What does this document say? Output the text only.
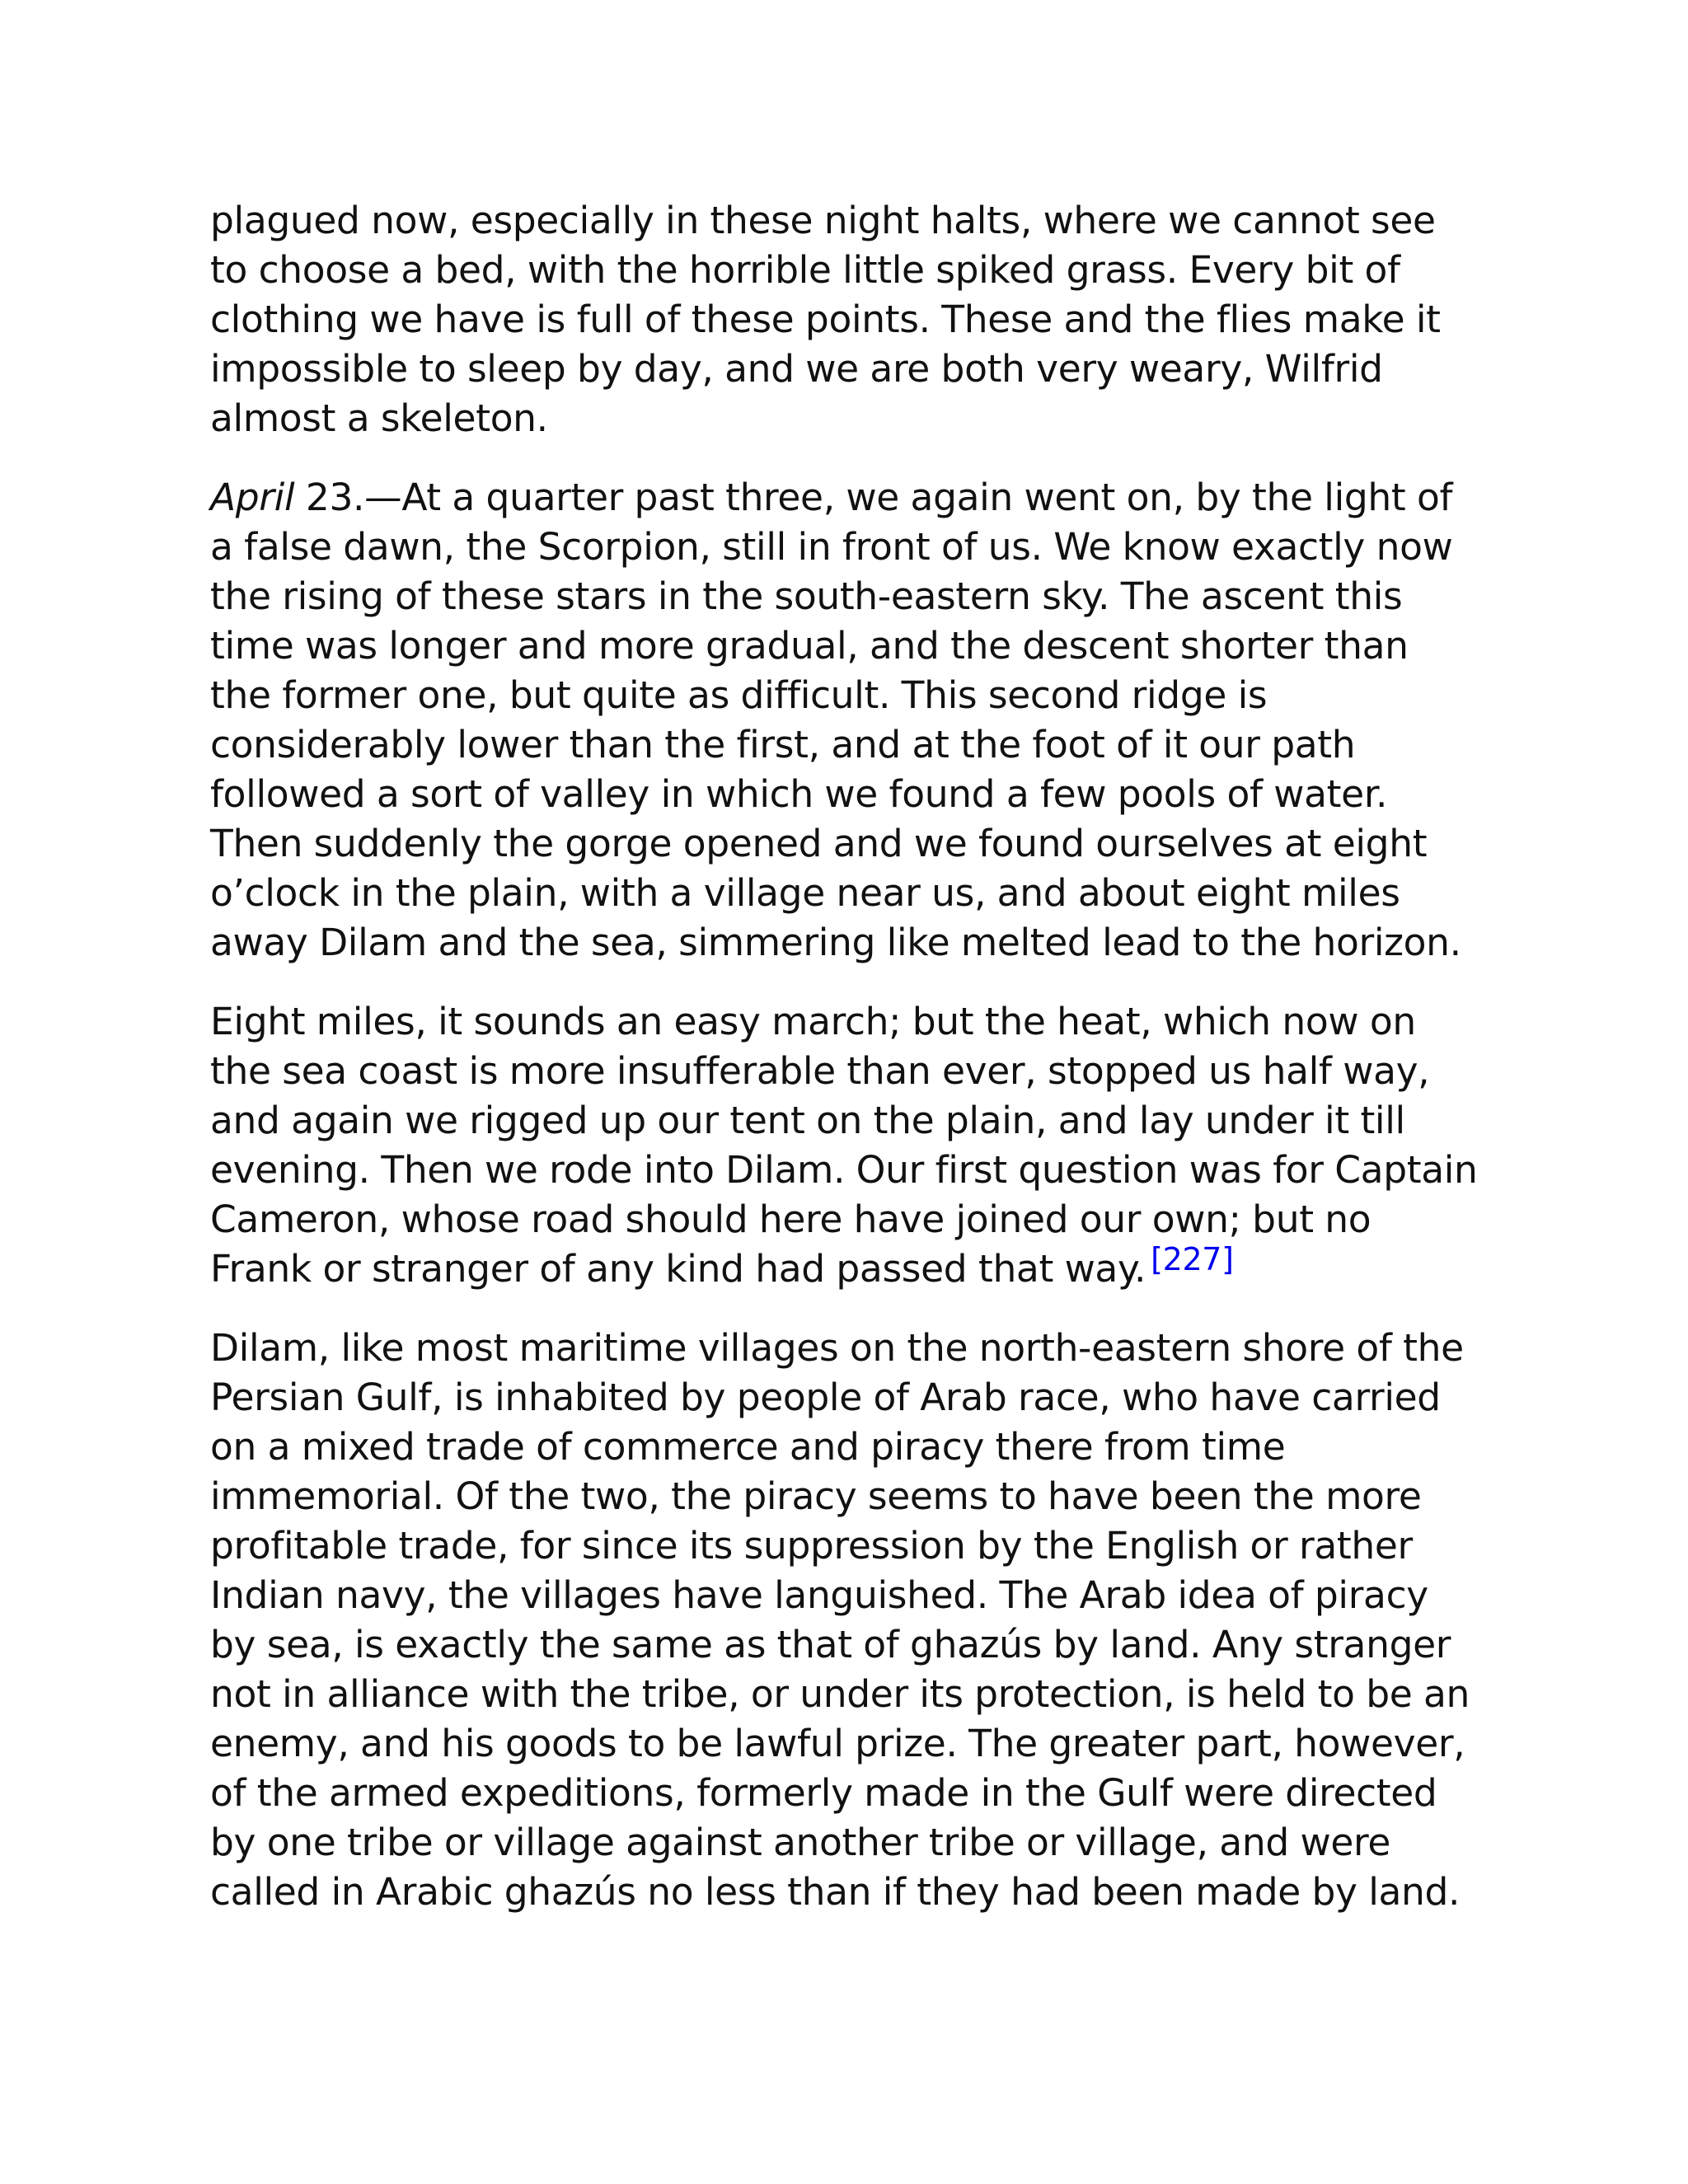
plagued now, especially in these night halts, where we cannot see to choose a bed, with the horrible little spiked grass. Every bit of clothing we have is full of these points. These and the flies make it impossible to sleep by day, and we are both very weary, Wilfrid almost a skeleton.

April 23.—At a quarter past three, we again went on, by the light of a false dawn, the Scorpion, still in front of us. We know exactly now the rising of these stars in the south-eastern sky. The ascent this time was longer and more gradual, and the descent shorter than the former one, but quite as difficult. This second ridge is considerably lower than the first, and at the foot of it our path followed a sort of valley in which we found a few pools of water. Then suddenly the gorge opened and we found ourselves at eight o’clock in the plain, with a village near us, and about eight miles away Dilam and the sea, simmering like melted lead to the horizon.

Eight miles, it sounds an easy march; but the heat, which now on the sea coast is more insufferable than ever, stopped us half way, and again we rigged up our tent on the plain, and lay under it till evening. Then we rode into Dilam. Our first question was for Captain Cameron, whose road should here have joined our own; but no Frank or stranger of any kind had passed that way. [227]

Dilam, like most maritime villages on the north-eastern shore of the Persian Gulf, is inhabited by people of Arab race, who have carried on a mixed trade of commerce and piracy there from time immemorial. Of the two, the piracy seems to have been the more profitable trade, for since its suppression by the English or rather Indian navy, the villages have languished. The Arab idea of piracy by sea, is exactly the same as that of ghazús by land. Any stranger not in alliance with the tribe, or under its protection, is held to be an enemy, and his goods to be lawful prize. The greater part, however, of the armed expeditions, formerly made in the Gulf were directed by one tribe or village against another tribe or village, and were called in Arabic ghazús no less than if they had been made by land.
